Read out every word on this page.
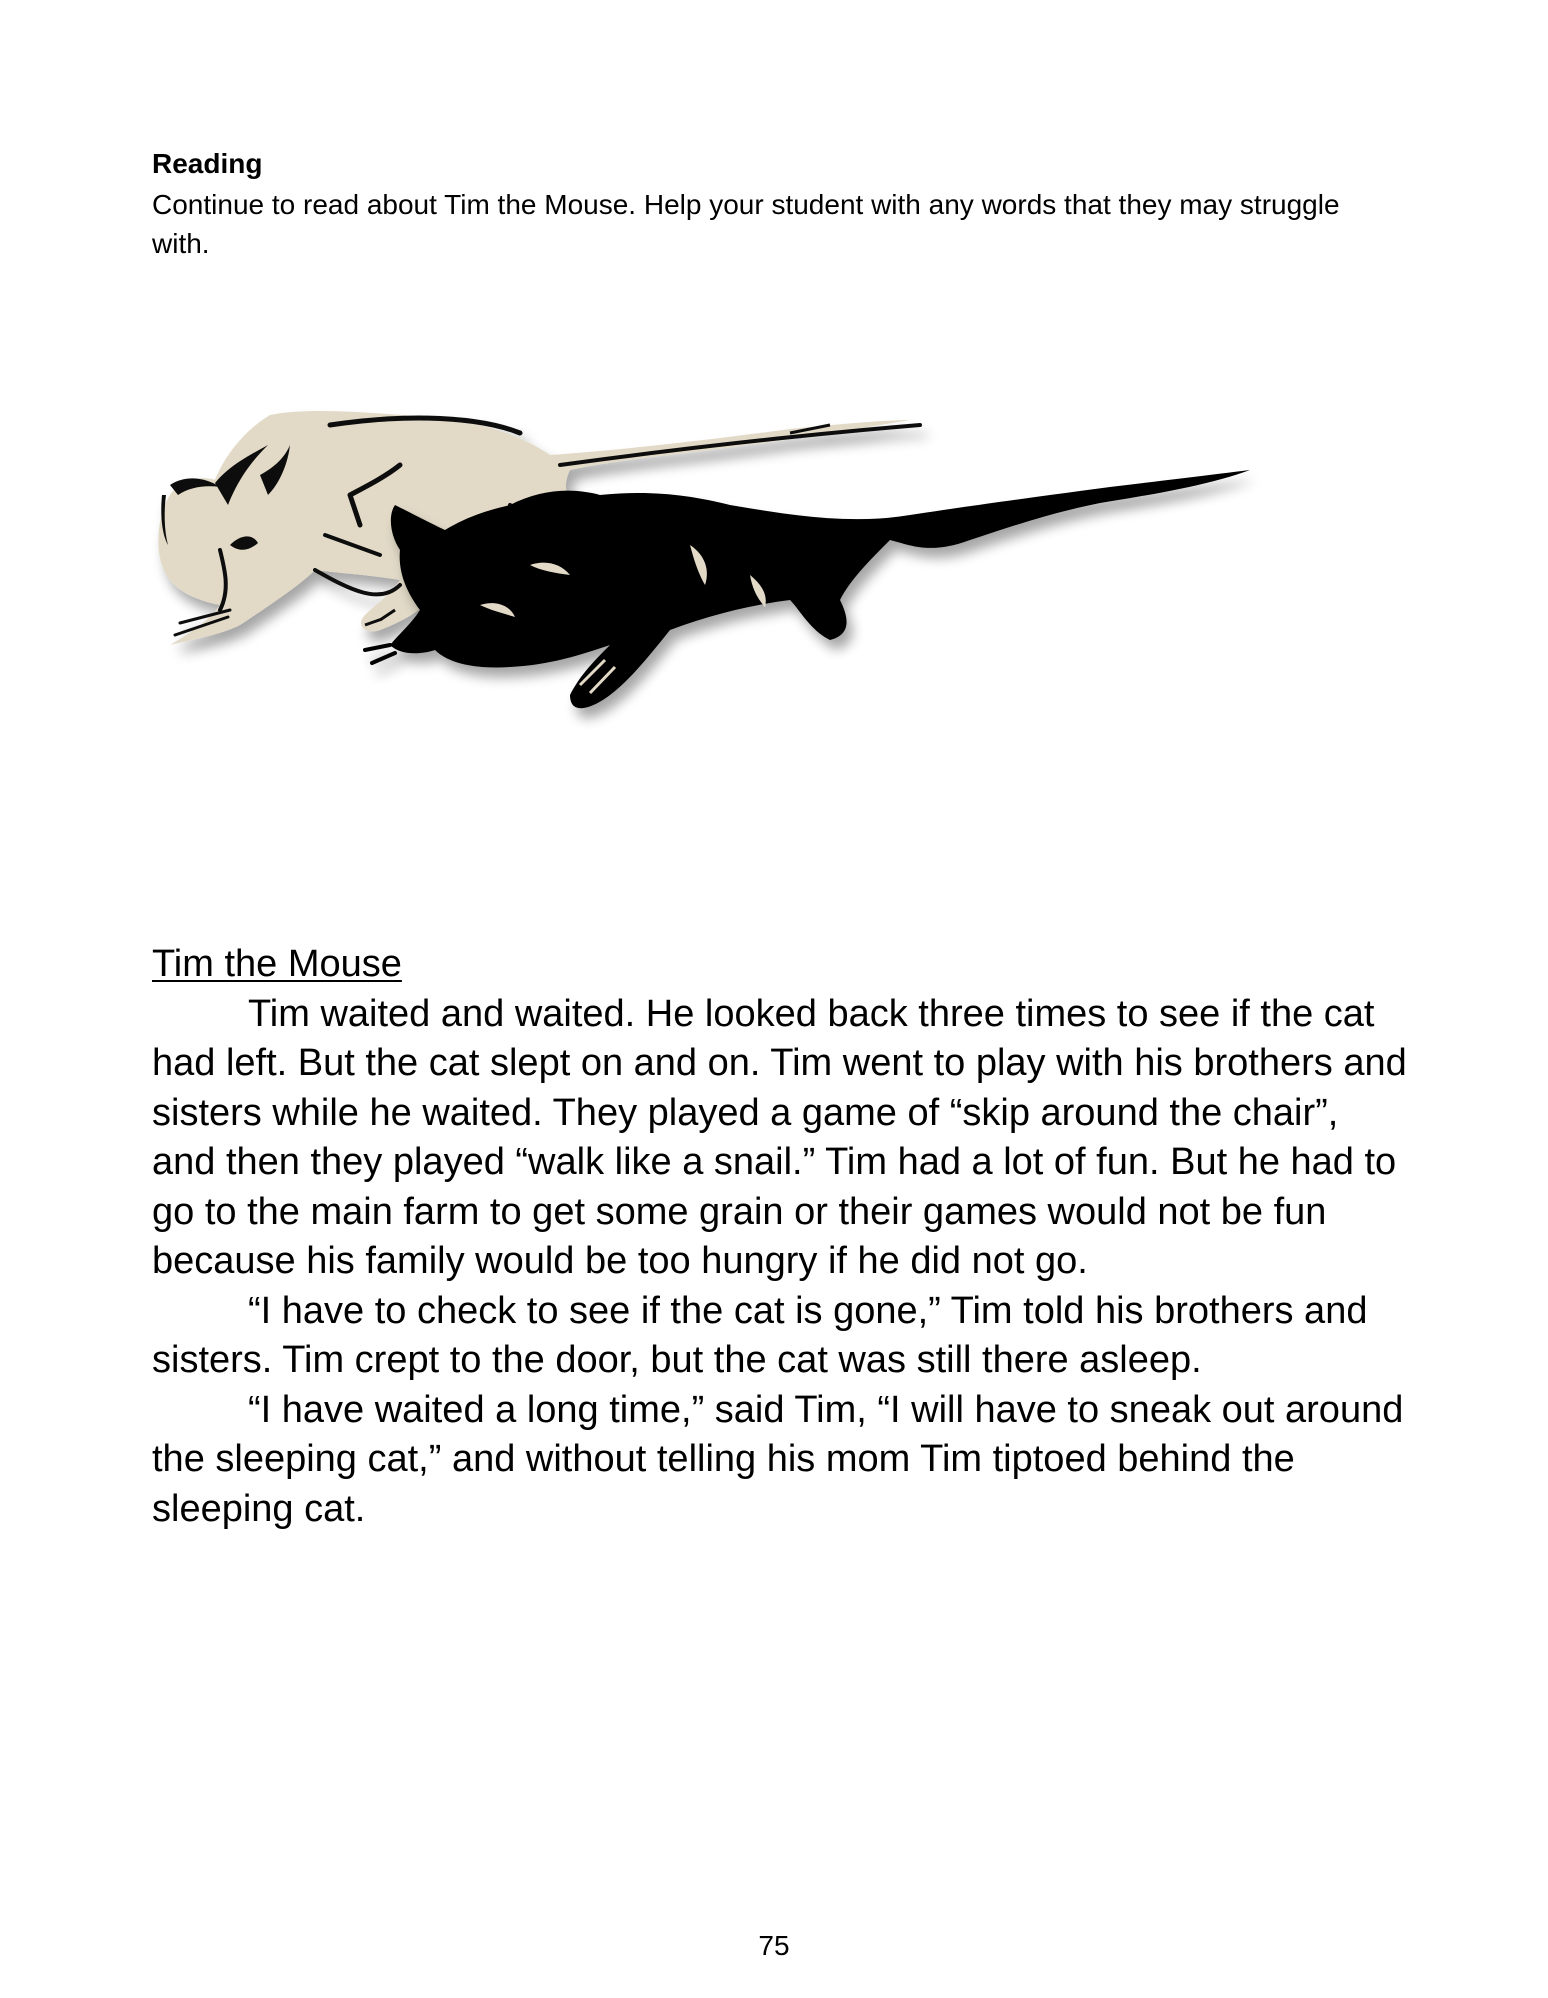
Reading

Continue to read about Tim the Mouse. Help your student with any words that they may struggle with.

Tim the Mouse

Tim waited and waited. He looked back three times to see if the cat had left. But the cat slept on and on. Tim went to play with his brothers and sisters while he waited. They played a game of “skip around the chair”, and then they played “walk like a snail.” Tim had a lot of fun. But he had to go to the main farm to get some grain or their games would not be fun because his family would be too hungry if he did not go.

“I have to check to see if the cat is gone,” Tim told his brothers and sisters. Tim crept to the door, but the cat was still there asleep.

“I have waited a long time,” said Tim, “I will have to sneak out around the sleeping cat,” and without telling his mom Tim tiptoed behind the sleeping cat.

75
